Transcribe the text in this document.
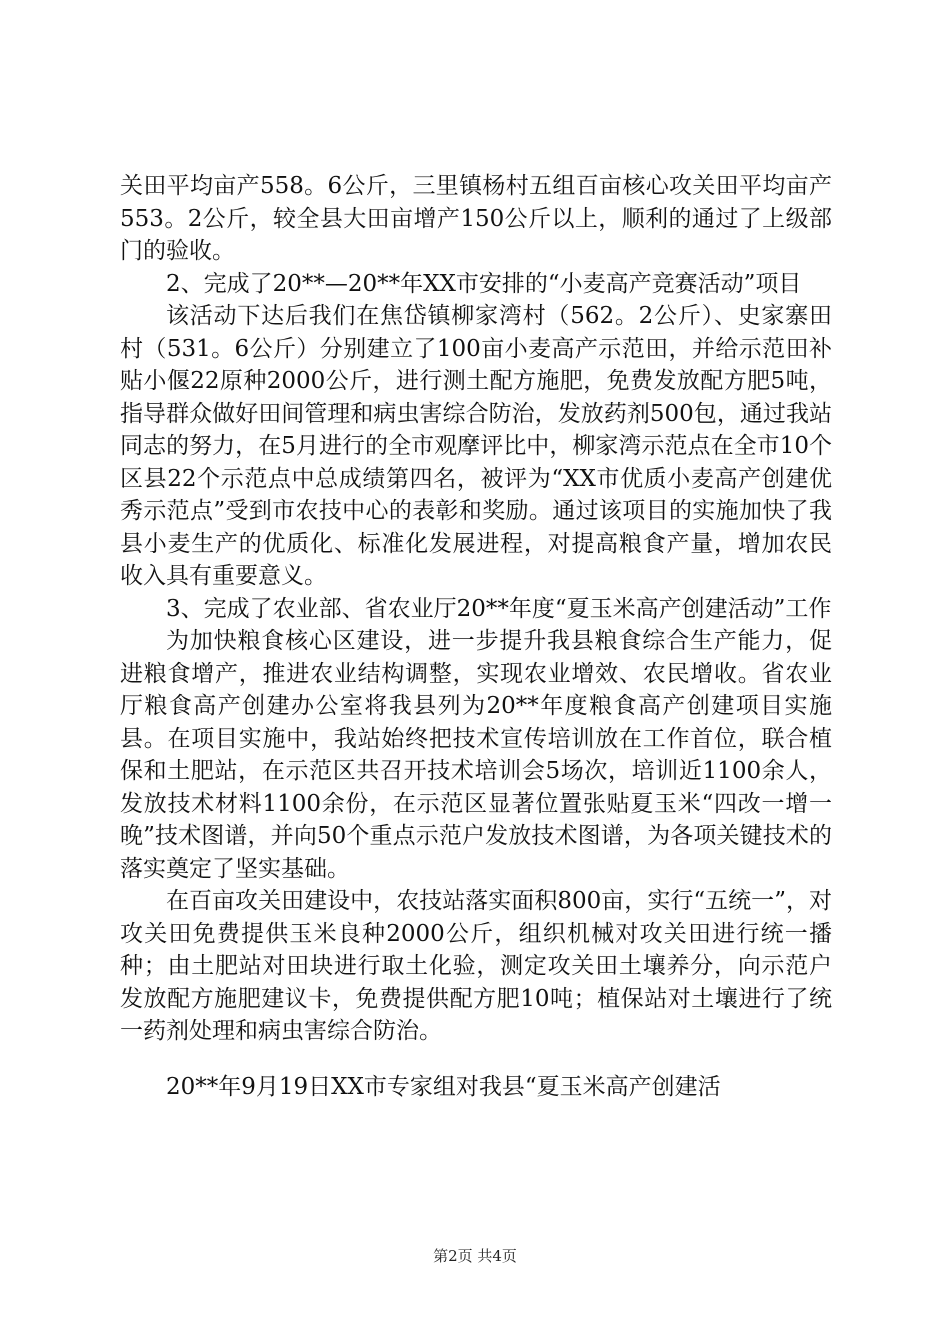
关田平均亩产558。6公斤，三里镇杨村五组百亩核心攻关田平均亩产553。2公斤，较全县大田亩增产150公斤以上，顺利的通过了上级部门的验收。

2、完成了20**—20**年XX市安排的“小麦高产竞赛活动”项目

该活动下达后我们在焦岱镇柳家湾村（562。2公斤）、史家寨田村（531。6公斤）分别建立了100亩小麦高产示范田，并给示范田补贴小偃22原种2000公斤，进行测土配方施肥，免费发放配方肥5吨，指导群众做好田间管理和病虫害综合防治，发放药剂500包，通过我站同志的努力，在5月进行的全市观摩评比中，柳家湾示范点在全市10个区县22个示范点中总成绩第四名，被评为“XX市优质小麦高产创建优秀示范点”受到市农技中心的表彰和奖励。通过该项目的实施加快了我县小麦生产的优质化、标准化发展进程，对提高粮食产量，增加农民收入具有重要意义。

3、完成了农业部、省农业厅20**年度“夏玉米高产创建活动”工作

为加快粮食核心区建设，进一步提升我县粮食综合生产能力，促进粮食增产，推进农业结构调整，实现农业增效、农民增收。省农业厅粮食高产创建办公室将我县列为20**年度粮食高产创建项目实施县。在项目实施中，我站始终把技术宣传培训放在工作首位，联合植保和土肥站，在示范区共召开技术培训会5场次，培训近1100余人，发放技术材料1100余份，在示范区显著位置张贴夏玉米“四改一增一晚”技术图谱，并向50个重点示范户发放技术图谱，为各项关键技术的落实奠定了坚实基础。

在百亩攻关田建设中，农技站落实面积800亩，实行“五统一”，对攻关田免费提供玉米良种2000公斤，组织机械对攻关田进行统一播种；由土肥站对田块进行取土化验，测定攻关田土壤养分，向示范户发放配方施肥建议卡，免费提供配方肥10吨；植保站对土壤进行了统一药剂处理和病虫害综合防治。

20**年9月19日XX市专家组对我县“夏玉米高产创建活

第2页 共4页
